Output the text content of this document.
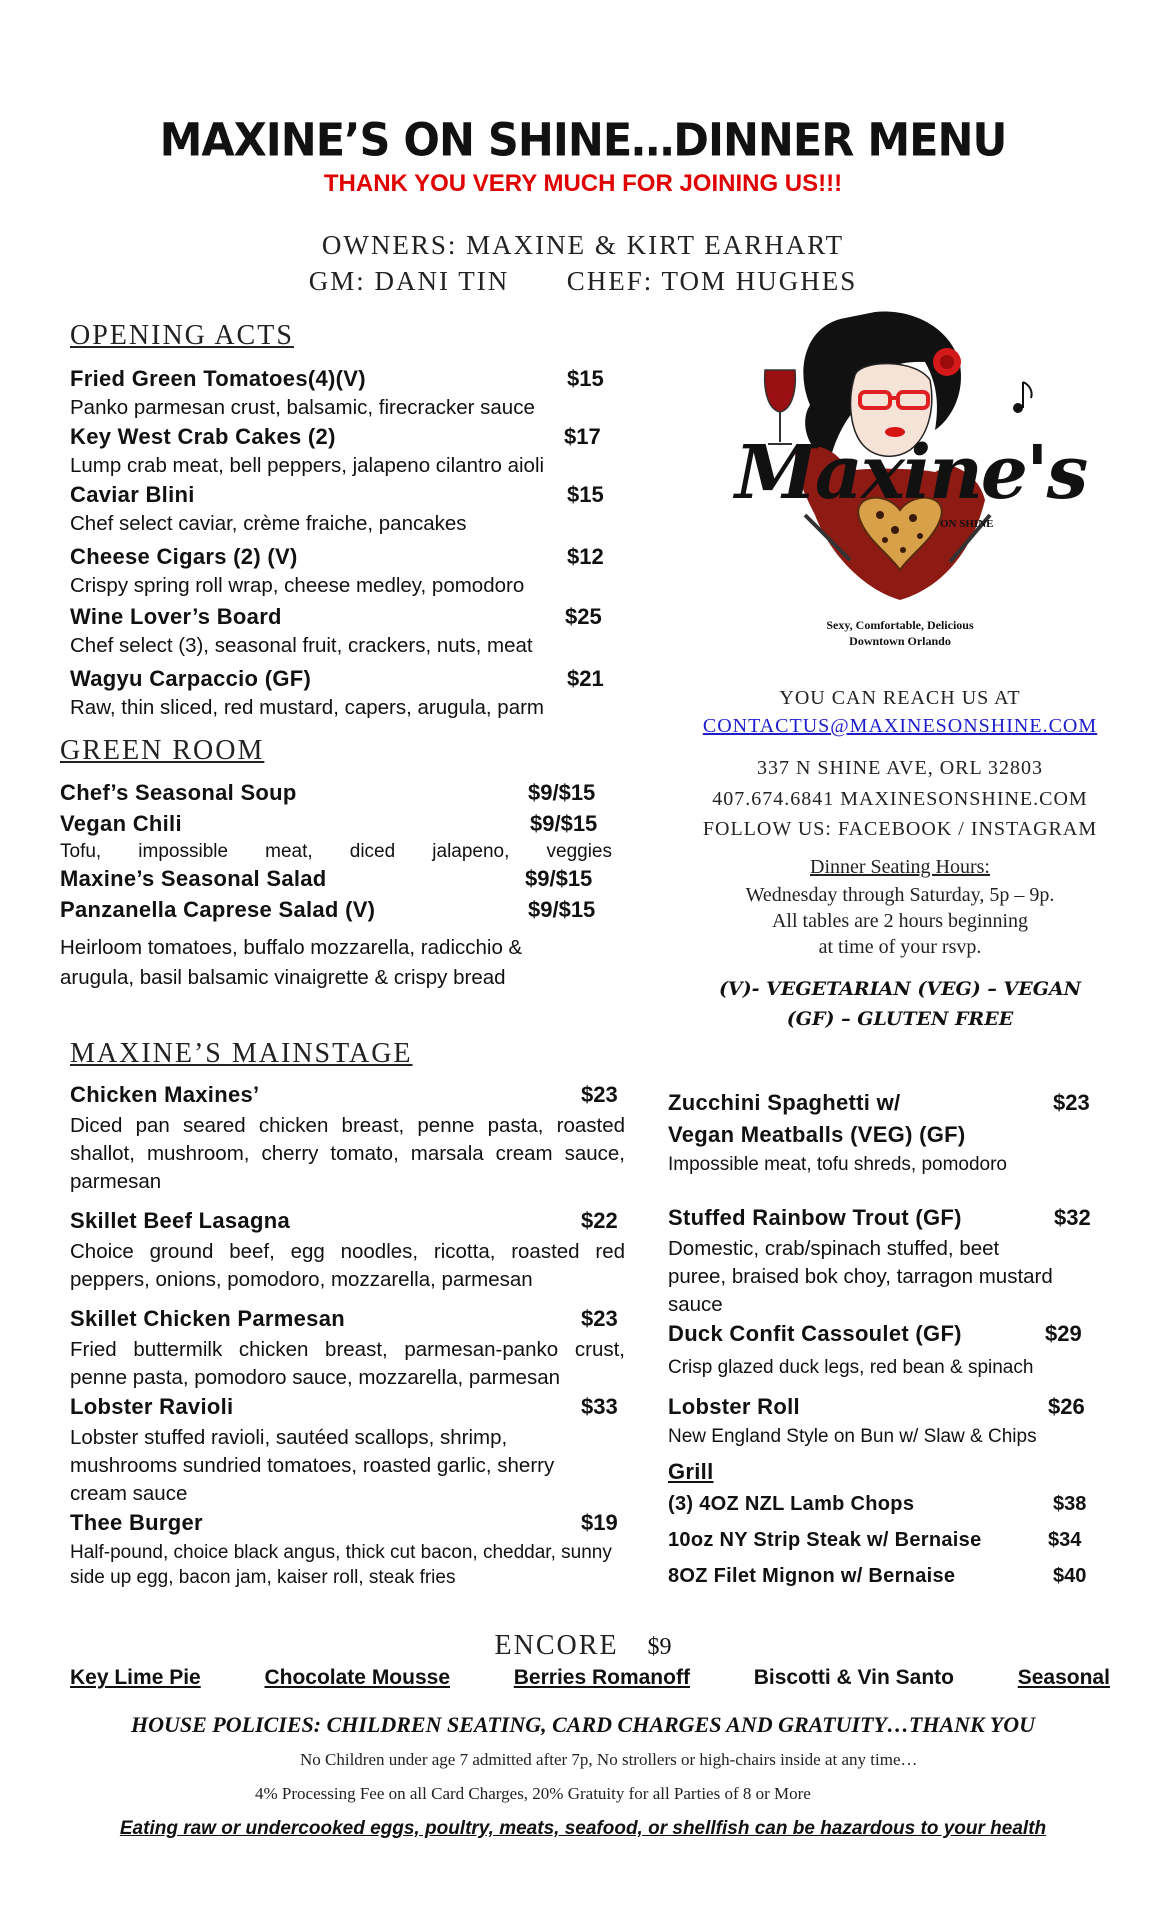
MAXINE’S ON SHINE…DINNER MENU
THANK YOU VERY MUCH FOR JOINING US!!!
OWNERS: MAXINE & KIRT EARHART
GM: DANI TIN CHEF: TOM HUGHES
OPENING ACTS
Fried Green Tomatoes(4)(V)	$15
Panko parmesan crust, balsamic, firecracker sauce
Key West Crab Cakes (2)	$17
Lump crab meat, bell peppers, jalapeno cilantro aioli
Caviar Blini	$15
Chef select caviar, crème fraiche, pancakes
Cheese Cigars (2) (V)	$12
Crispy spring roll wrap, cheese medley, pomodoro
Wine Lover’s Board	$25
Chef select (3), seasonal fruit, crackers, nuts, meat
Wagyu Carpaccio (GF)	$21
Raw, thin sliced, red mustard, capers, arugula, parm
GREEN ROOM
Chef’s Seasonal Soup	$9/$15
Vegan Chili	$9/$15
Tofu, impossible meat, diced jalapeno, veggies
Maxine’s Seasonal Salad	$9/$15
Panzanella Caprese Salad (V)	$9/$15
Heirloom tomatoes, buffalo mozzarella, radicchio &
arugula, basil balsamic vinaigrette & crispy bread
Maxine's
ON SHINE
Sexy, Comfortable, Delicious
Downtown Orlando
YOU CAN REACH US AT
CONTACTUS@MAXINESONSHINE.COM
337 N SHINE AVE, ORL 32803
407.674.6841 MAXINESONSHINE.COM
FOLLOW US: FACEBOOK / INSTAGRAM
Dinner Seating Hours:
Wednesday through Saturday, 5p – 9p.
All tables are 2 hours beginning
at time of your rsvp.
(V)- VEGETARIAN (VEG) – VEGAN
(GF) – GLUTEN FREE
MAXINE’S MAINSTAGE
Chicken Maxines’	$23
Diced pan seared chicken breast, penne pasta, roasted shallot, mushroom, cherry tomato, marsala cream sauce, parmesan
Skillet Beef Lasagna	$22
Choice ground beef, egg noodles, ricotta, roasted red peppers, onions, pomodoro, mozzarella, parmesan
Skillet Chicken Parmesan	$23
Fried buttermilk chicken breast, parmesan-panko crust, penne pasta, pomodoro sauce, mozzarella, parmesan
Lobster Ravioli	$33
Lobster stuffed ravioli, sautéed scallops, shrimp, mushrooms sundried tomatoes, roasted garlic, sherry cream sauce
Thee Burger	$19
Half-pound, choice black angus, thick cut bacon, cheddar, sunny side up egg, bacon jam, kaiser roll, steak fries
Zucchini Spaghetti w/	$23
Vegan Meatballs (VEG) (GF)
Impossible meat, tofu shreds, pomodoro
Stuffed Rainbow Trout (GF)	$32
Domestic, crab/spinach stuffed, beet puree, braised bok choy, tarragon mustard sauce
Duck Confit Cassoulet (GF)	$29
Crisp glazed duck legs, red bean & spinach
Lobster Roll	$26
New England Style on Bun w/ Slaw & Chips
Grill
(3) 4OZ NZL Lamb Chops	$38
10oz NY Strip Steak w/ Bernaise	$34
8OZ Filet Mignon w/ Bernaise	$40
ENCORE $9
Key Lime Pie	Chocolate Mousse	Berries Romanoff	Biscotti & Vin Santo	Seasonal
HOUSE POLICIES: CHILDREN SEATING, CARD CHARGES AND GRATUITY…THANK YOU
No Children under age 7 admitted after 7p, No strollers or high-chairs inside at any time…
4% Processing Fee on all Card Charges, 20% Gratuity for all Parties of 8 or More
Eating raw or undercooked eggs, poultry, meats, seafood, or shellfish can be hazardous to your health
